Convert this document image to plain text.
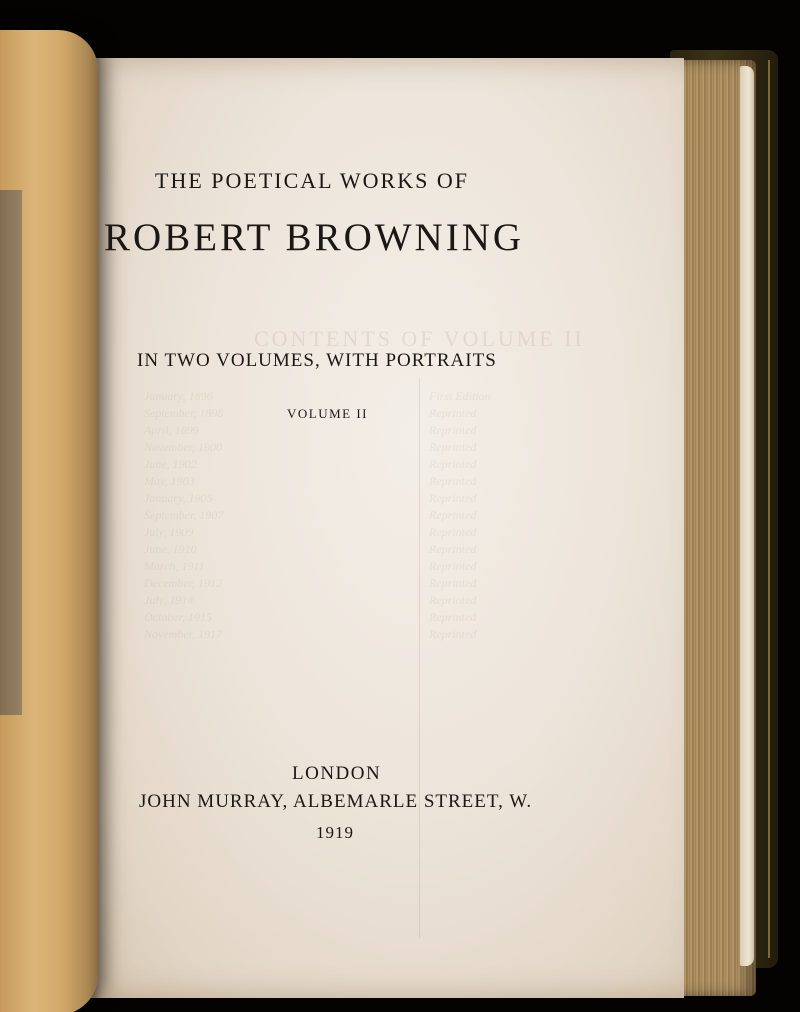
CONTENTS OF VOLUME II
January, 1896
September, 1898
April, 1899
November, 1900
June, 1902
May, 1903
January, 1905
September, 1907
July, 1909
June, 1910
March, 1911
December, 1912
July, 1914
October, 1915
November, 1917
First Edition
Reprinted
Reprinted
Reprinted
Reprinted
Reprinted
Reprinted
Reprinted
Reprinted
Reprinted
Reprinted
Reprinted
Reprinted
Reprinted
Reprinted
THE POETICAL WORKS OF
ROBERT BROWNING
IN TWO VOLUMES, WITH PORTRAITS
VOLUME II
LONDON
JOHN MURRAY, ALBEMARLE STREET, W.
1919
